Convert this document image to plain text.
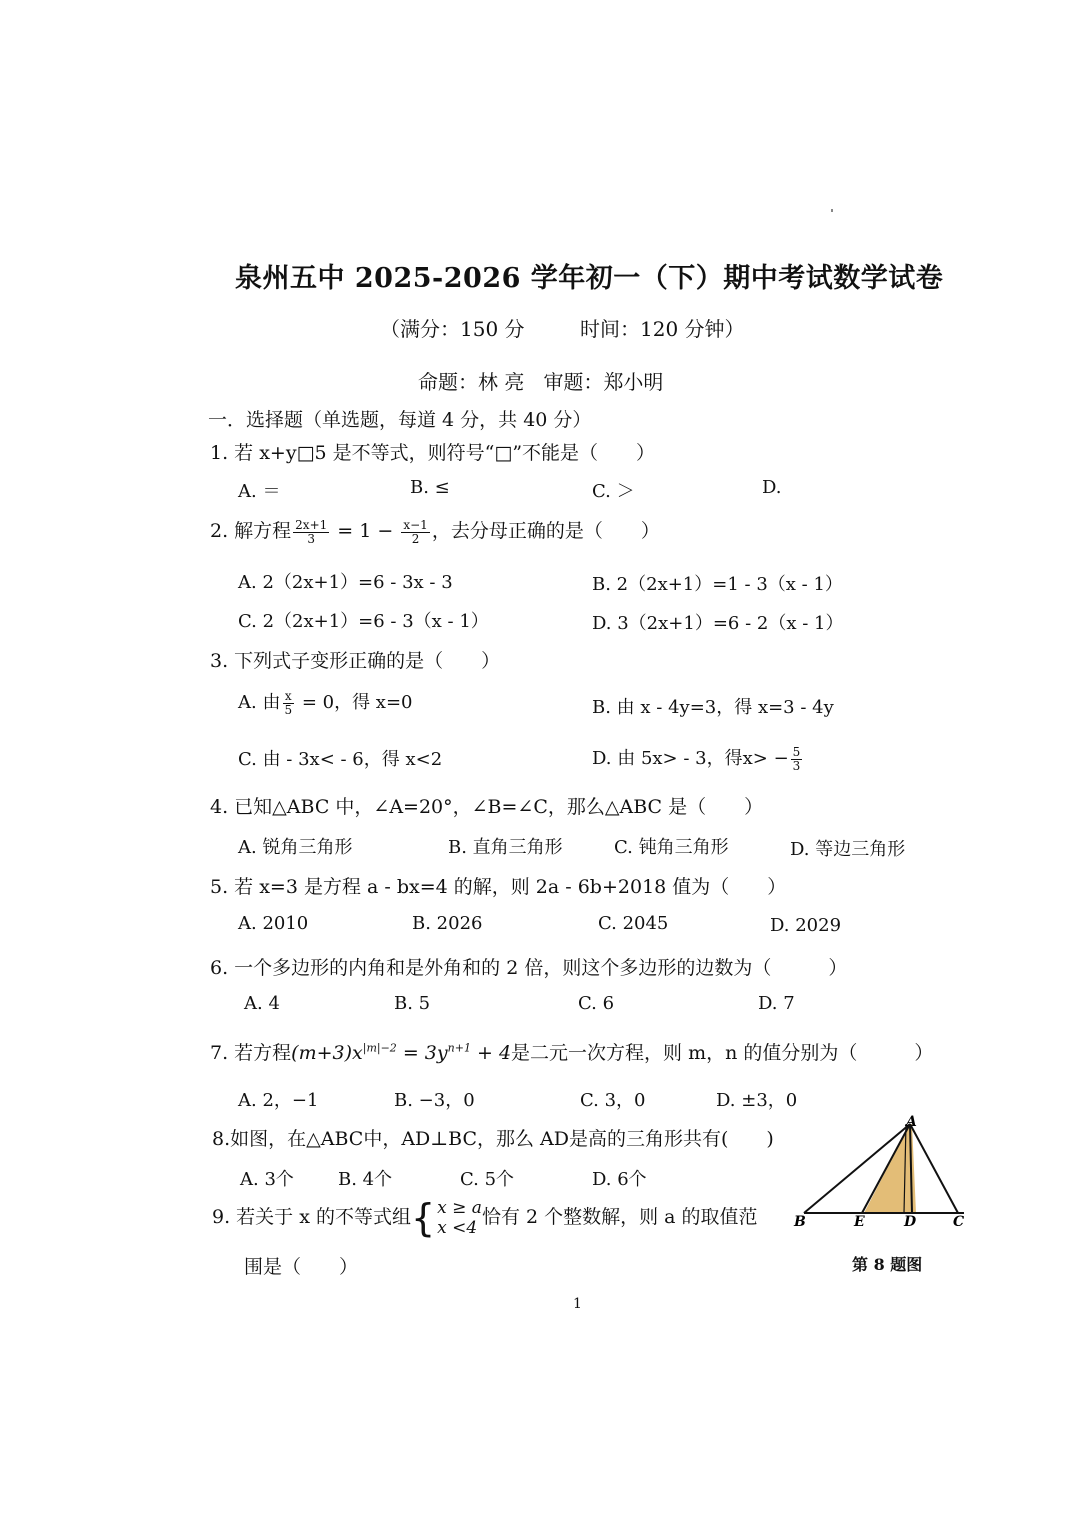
泉州五中 2025-2026 学年初一（下）期中考试数学试卷
（满分：150 分	时间：120 分钟）
命题：林 亮 审题：郑小明
一．选择题（单选题，每道 4 分，共 40 分）
1. 若 x+y□5 是不等式，则符号“□”不能是（　　）
A. ＝	B. ≤	C. ＞	D.
2. 解方程 $\frac{2x+1}{3} = 1 - \frac{x-1}{2}$ ，去分母正确的是（　　）
A. 2（2x+1）=6 - 3x - 3	B. 2（2x+1）=1 - 3（x - 1）
C. 2（2x+1）=6 - 3（x - 1）	D. 3（2x+1）=6 - 2（x - 1）
3. 下列式子变形正确的是（　　）
A. 由 $\frac{x}{5} = 0$，得 x=0	B. 由 x - 4y=3，得 x=3 - 4y
C. 由 - 3x< - 6，得 x<2	D. 由 5x> - 3，得$x> - \frac{5}{3}$
4. 已知△ABC 中，∠A=20°，∠B=∠C，那么△ABC 是（　　）
A. 锐角三角形	B. 直角三角形	C. 钝角三角形	D. 等边三角形
5. 若 x=3 是方程 a - bx=4 的解，则 2a - 6b+2018 值为（　　）
A. 2010	B. 2026	C. 2045	D. 2029
6. 一个多边形的内角和是外角和的 2 倍，则这个多边形的边数为（　　　）
A. 4	B. 5	C. 6	D. 7
7. 若方程$(m+3)x^{|m|-2} = 3y^{n+1} + 4$是二元一次方程，则 m，n 的值分别为（　　　）
A. 2，−1	B. −3，0	C. 3，0	D. ±3，0
8.如图，在△ABC中，AD⊥BC，那么 AD是高的三角形共有(　　)
A. 3个 B. 4个	C. 5个	D. 6个
9. 若关于 x 的不等式组 { x ≥ a
x <4 恰有 2 个整数解，则 a 的取值范
围是（　　）
A
B	E	D	C
第 8 题图
1
